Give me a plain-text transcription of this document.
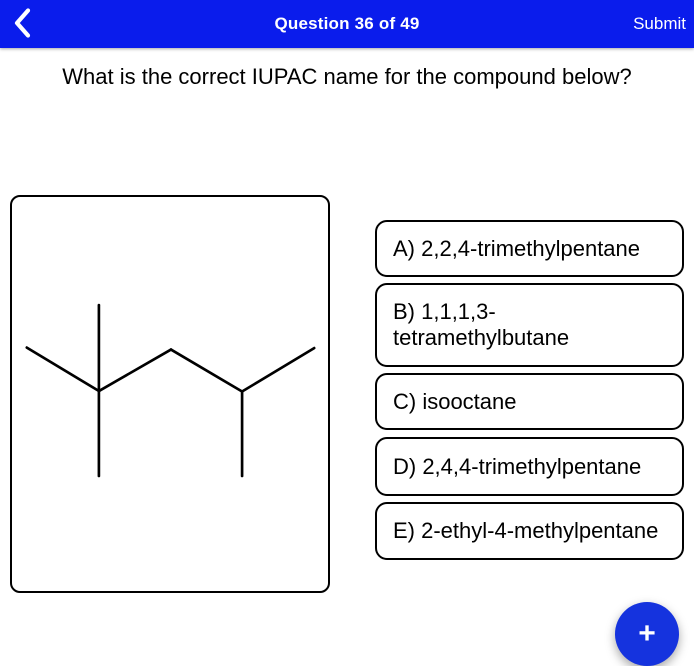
Question 36 of 49	Submit
What is the correct IUPAC name for the compound below?
A) 2,2,4-trimethylpentane
B) 1,1,1,3-tetramethylbutane
C) isooctane
D) 2,4,4-trimethylpentane
E) 2-ethyl-4-methylpentane
+
